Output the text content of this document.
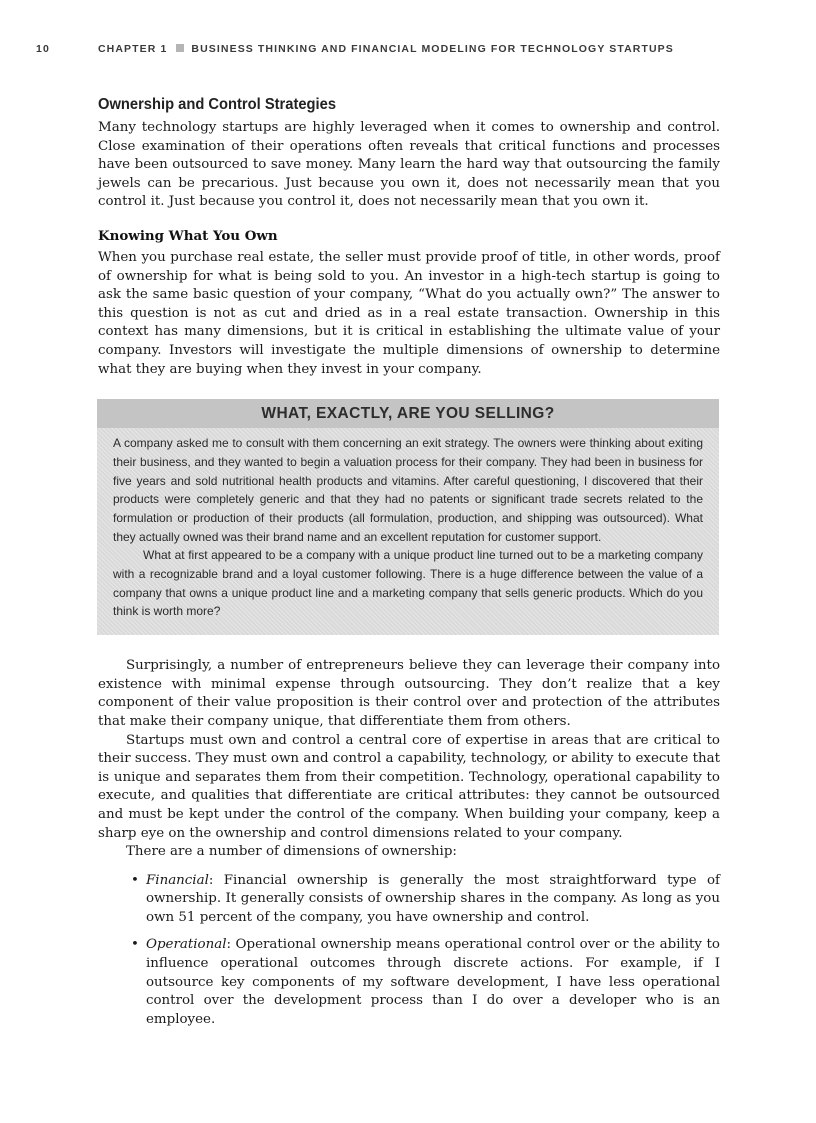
10	CHAPTER 1 BUSINESS THINKING AND FINANCIAL MODELING FOR TECHNOLOGY STARTUPS
Ownership and Control Strategies

Many technology startups are highly leveraged when it comes to ownership and control. Close examination of their operations often reveals that critical functions and processes have been outsourced to save money. Many learn the hard way that outsourcing the family jewels can be precarious. Just because you own it, does not necessarily mean that you control it. Just because you control it, does not necessarily mean that you own it.

Knowing What You Own

When you purchase real estate, the seller must provide proof of title, in other words, proof of ownership for what is being sold to you. An investor in a high-tech startup is going to ask the same basic question of your company, “What do you actually own?” The answer to this question is not as cut and dried as in a real estate transaction. Ownership in this context has many dimensions, but it is critical in establishing the ultimate value of your company. Investors will investigate the multiple dimensions of ownership to determine what they are buying when they invest in your company.

WHAT, EXACTLY, ARE YOU SELLING?

A company asked me to consult with them concerning an exit strategy. The owners were thinking about exiting their business, and they wanted to begin a valuation process for their company. They had been in business for five years and sold nutritional health products and vitamins. After careful questioning, I discovered that their products were completely generic and that they had no patents or significant trade secrets related to the formulation or production of their products (all formulation, production, and shipping was outsourced). What they actually owned was their brand name and an excellent reputation for customer support.

What at first appeared to be a company with a unique product line turned out to be a marketing company with a recognizable brand and a loyal customer following. There is a huge difference between the value of a company that owns a unique product line and a marketing company that sells generic products. Which do you think is worth more?

Surprisingly, a number of entrepreneurs believe they can leverage their company into existence with minimal expense through outsourcing. They don’t realize that a key component of their value proposition is their control over and protection of the attributes that make their company unique, that differentiate them from others.

Startups must own and control a central core of expertise in areas that are critical to their success. They must own and control a capability, technology, or ability to execute that is unique and separates them from their competition. Technology, operational capability to execute, and qualities that differentiate are critical attributes: they cannot be outsourced and must be kept under the control of the company. When building your company, keep a sharp eye on the ownership and control dimensions related to your company.

There are a number of dimensions of ownership:

• Financial: Financial ownership is generally the most straightforward type of ownership. It generally consists of ownership shares in the company. As long as you own 51 percent of the company, you have ownership and control.
• Operational: Operational ownership means operational control over or the ability to influence operational outcomes through discrete actions. For example, if I outsource key components of my software development, I have less operational control over the development process than I do over a developer who is an employee.
